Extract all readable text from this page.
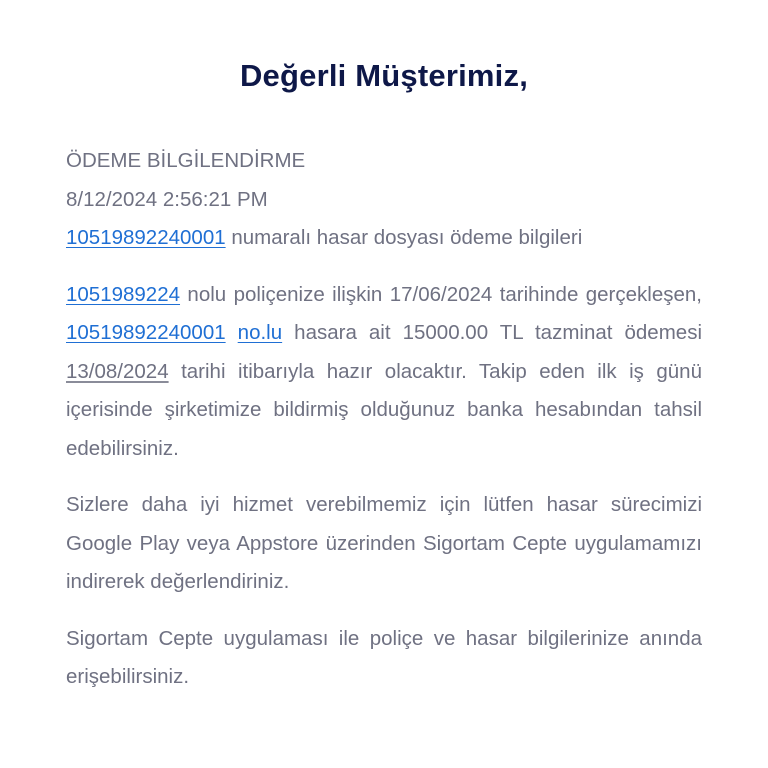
Değerli Müşterimiz,

ÖDEME BİLGİLENDİRME

8/12/2024 2:56:21 PM

10519892240001 numaralı hasar dosyası ödeme bilgileri

1051989224 nolu poliçenize ilişkin 17/06/2024 tarihinde gerçekleşen, 10519892240001 no.lu hasara ait 15000.00 TL tazminat ödemesi 13/08/2024 tarihi itibarıyla hazır olacaktır. Takip eden ilk iş günü içerisinde şirketimize bildirmiş olduğunuz banka hesabından tahsil edebilirsiniz.

Sizlere daha iyi hizmet verebilmemiz için lütfen hasar sürecimizi Google Play veya Appstore üzerinden Sigortam Cepte uygulamamızı indirerek değerlendiriniz.

Sigortam Cepte uygulaması ile poliçe ve hasar bilgilerinize anında erişebilirsiniz.
